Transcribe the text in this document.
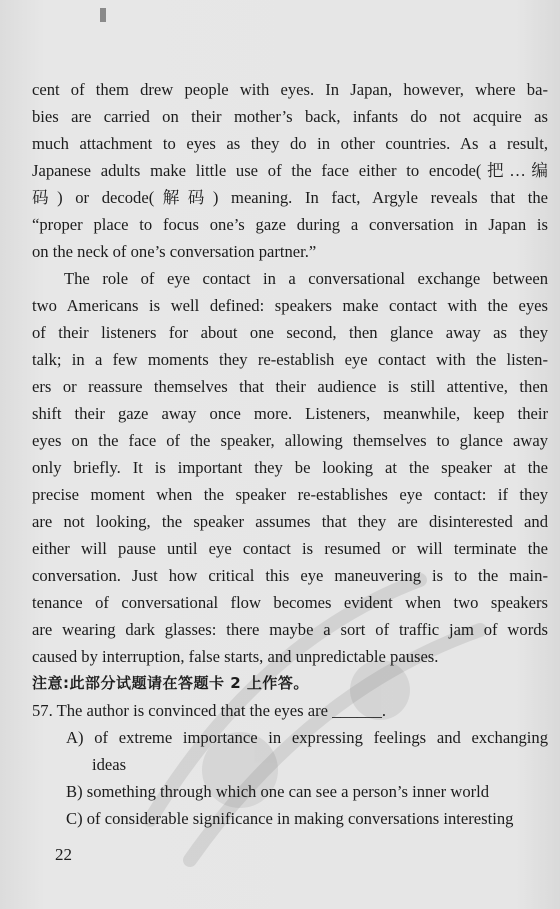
cent of them drew people with eyes. In Japan, however, where ba-
bies are carried on their mother’s back, infants do not acquire as
much attachment to eyes as they do in other countries. As a result,
Japanese adults make little use of the face either to encode(把…编
码) or decode(解码) meaning. In fact, Argyle reveals that the
“proper place to focus one’s gaze during a conversation in Japan is
on the neck of one’s conversation partner.”
The role of eye contact in a conversational exchange between
two Americans is well defined: speakers make contact with the eyes
of their listeners for about one second, then glance away as they
talk; in a few moments they re-establish eye contact with the listen-
ers or reassure themselves that their audience is still attentive, then
shift their gaze away once more. Listeners, meanwhile, keep their
eyes on the face of the speaker, allowing themselves to glance away
only briefly. It is important they be looking at the speaker at the
precise moment when the speaker re-establishes eye contact: if they
are not looking, the speaker assumes that they are disinterested and
either will pause until eye contact is resumed or will terminate the
conversation. Just how critical this eye maneuvering is to the main-
tenance of conversational flow becomes evident when two speakers
are wearing dark glasses: there maybe a sort of traffic jam of words
caused by interruption, false starts, and unpredictable pauses.
注意:此部分试题请在答题卡 2 上作答。
57. The author is convinced that the eyes are ______.
A) of extreme importance in expressing feelings and exchanging
ideas
B) something through which one can see a person’s inner world
C) of considerable significance in making conversations interesting
22
